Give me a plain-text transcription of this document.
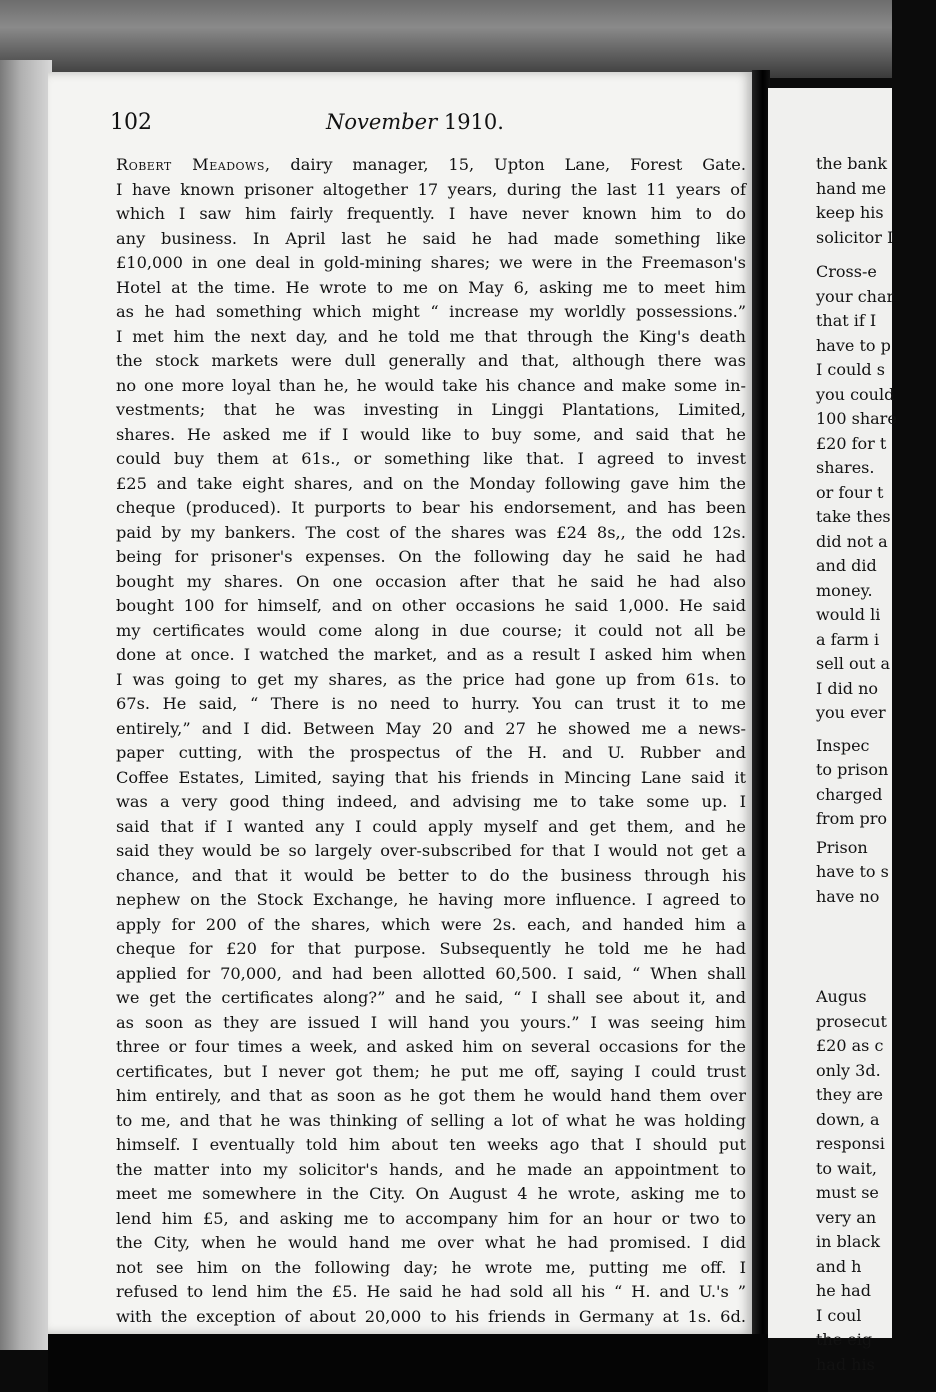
102	November 1910.
Robert Meadows, dairy manager, 15, Upton Lane, Forest Gate.
I have known prisoner altogether 17 years, during the last 11 years of
which I saw him fairly frequently. I have never known him to do
any business. In April last he said he had made something like
£10,000 in one deal in gold-mining shares; we were in the Freemason's
Hotel at the time. He wrote to me on May 6, asking me to meet him
as he had something which might “ increase my worldly possessions.”
I met him the next day, and he told me that through the King's death
the stock markets were dull generally and that, although there was
no one more loyal than he, he would take his chance and make some in-
vestments; that he was investing in Linggi Plantations, Limited,
shares. He asked me if I would like to buy some, and said that he
could buy them at 61s., or something like that. I agreed to invest
£25 and take eight shares, and on the Monday following gave him the
cheque (produced). It purports to bear his endorsement, and has been
paid by my bankers. The cost of the shares was £24 8s,, the odd 12s.
being for prisoner's expenses. On the following day he said he had
bought my shares. On one occasion after that he said he had also
bought 100 for himself, and on other occasions he said 1,000. He said
my certificates would come along in due course; it could not all be
done at once. I watched the market, and as a result I asked him when
I was going to get my shares, as the price had gone up from 61s. to
67s. He said, “ There is no need to hurry. You can trust it to me
entirely,” and I did. Between May 20 and 27 he showed me a news-
paper cutting, with the prospectus of the H. and U. Rubber and
Coffee Estates, Limited, saying that his friends in Mincing Lane said it
was a very good thing indeed, and advising me to take some up. I
said that if I wanted any I could apply myself and get them, and he
said they would be so largely over-subscribed for that I would not get a
chance, and that it would be better to do the business through his
nephew on the Stock Exchange, he having more influence. I agreed to
apply for 200 of the shares, which were 2s. each, and handed him a
cheque for £20 for that purpose. Subsequently he told me he had
applied for 70,000, and had been allotted 60,500. I said, “ When shall
we get the certificates along?” and he said, “ I shall see about it, and
as soon as they are issued I will hand you yours.” I was seeing him
three or four times a week, and asked him on several occasions for the
certificates, but I never got them; he put me off, saying I could trust
him entirely, and that as soon as he got them he would hand them over
to me, and that he was thinking of selling a lot of what he was holding
himself. I eventually told him about ten weeks ago that I should put
the matter into my solicitor's hands, and he made an appointment to
meet me somewhere in the City. On August 4 he wrote, asking me to
lend him £5, and asking me to accompany him for an hour or two to
the City, when he would hand me over what he had promised. I did
not see him on the following day; he wrote me, putting me off. I
refused to lend him the £5. He said he had sold all his “ H. and U.'s ”
with the exception of about 20,000 to his friends in Germany at 1s. 6d.
the bank
hand me
keep his
solicitor I
Cross-e
your char
that if I
have to p
I could s
you could
100 share
£20 for t
shares.
or four t
take thes
did not a
and did
money.
would li
a farm i
sell out a
I did no
you ever
Inspec
to prison
charged
from pro
Prison
have to s
have no
Augus
prosecut
£20 as c
only 3d.
they are
down, a
responsi
to wait,
must se
very an
in black
and h
he had
I coul
the eig
had his
